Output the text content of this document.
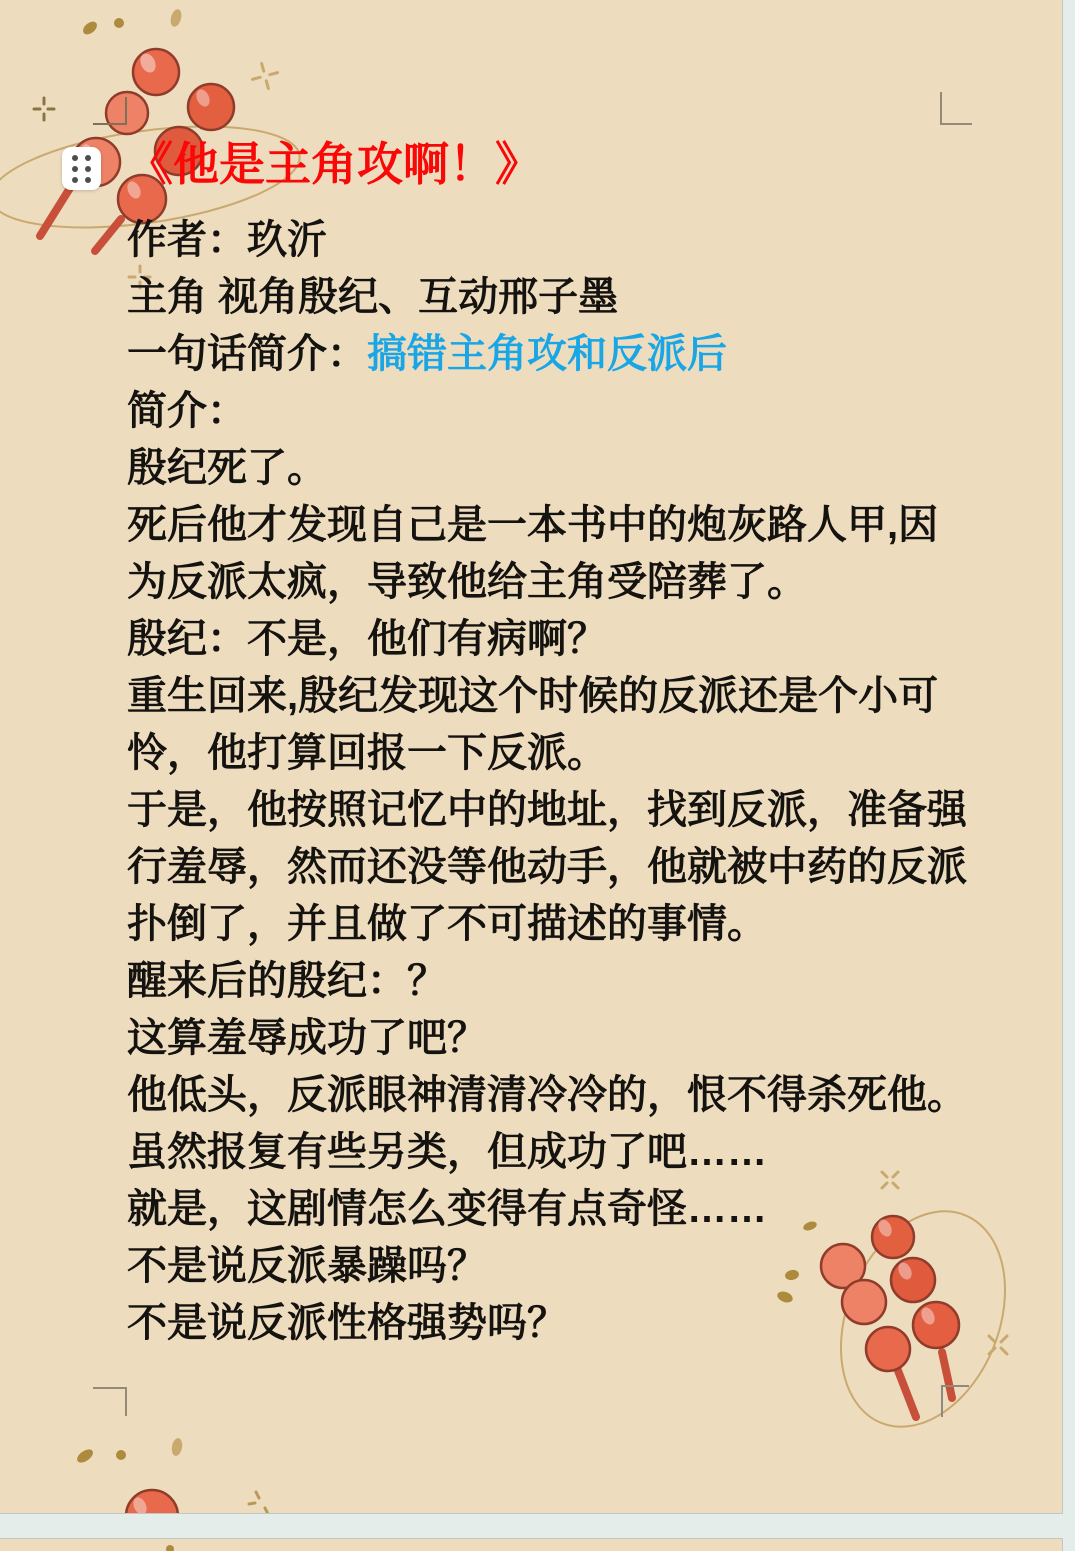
《他是主角攻啊！》
作者：玖沂
主角 视角殷纪、互动邢子墨
一句话简介：搞错主角攻和反派后
简介：
殷纪死了。
死后他才发现自己是一本书中的炮灰路人甲,因
为反派太疯，导致他给主角受陪葬了。
殷纪：不是，他们有病啊？
重生回来,殷纪发现这个时候的反派还是个小可
怜，他打算回报一下反派。
于是，他按照记忆中的地址，找到反派，准备强
行羞辱，然而还没等他动手，他就被中药的反派
扑倒了，并且做了不可描述的事情。
醒来后的殷纪：？
这算羞辱成功了吧？
他低头，反派眼神清清冷冷的，恨不得杀死他。
虽然报复有些另类，但成功了吧……
就是，这剧情怎么变得有点奇怪……
不是说反派暴躁吗？
不是说反派性格强势吗？
